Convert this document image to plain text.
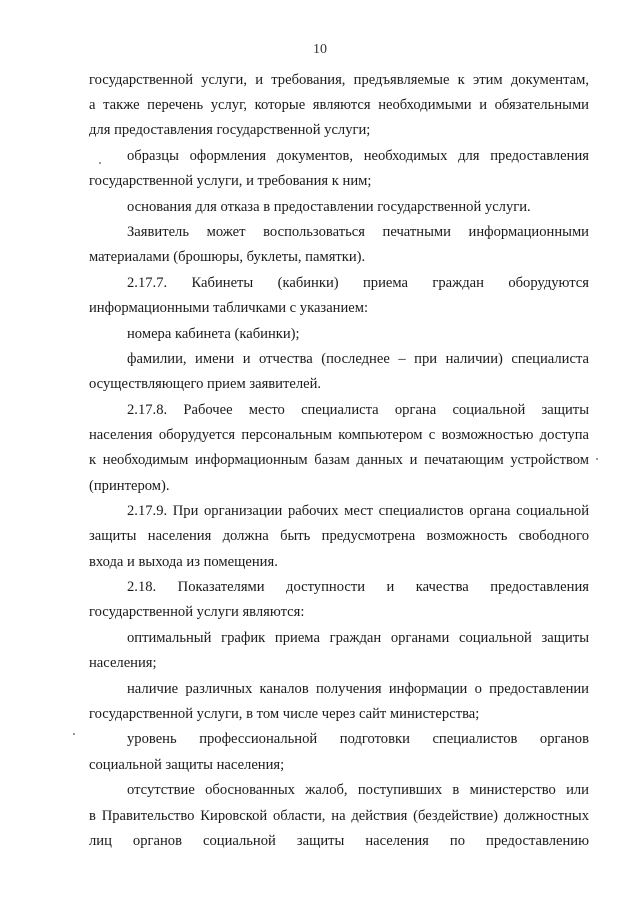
10
государственной услуги, и требования, предъявляемые к этим документам,
а также перечень услуг, которые являются необходимыми и обязательными
для предоставления государственной услуги;
образцы оформления документов, необходимых для предоставления
государственной услуги, и требования к ним;
основания для отказа в предоставлении государственной услуги.
Заявитель может воспользоваться печатными информационными
материалами (брошюры, буклеты, памятки).
2.17.7. Кабинеты (кабинки) приема граждан оборудуются
информационными табличками с указанием:
номера кабинета (кабинки);
фамилии, имени и отчества (последнее – при наличии) специалиста
осуществляющего прием заявителей.
2.17.8. Рабочее место специалиста органа социальной защиты
населения оборудуется персональным компьютером с возможностью доступа
к необходимым информационным базам данных и печатающим устройством
(принтером).
2.17.9. При организации рабочих мест специалистов органа социальной
защиты населения должна быть предусмотрена возможность свободного
входа и выхода из помещения.
2.18. Показателями доступности и качества предоставления
государственной услуги являются:
оптимальный график приема граждан органами социальной защиты
населения;
наличие различных каналов получения информации о предоставлении
государственной услуги, в том числе через сайт министерства;
уровень профессиональной подготовки специалистов органов
социальной защиты населения;
отсутствие обоснованных жалоб, поступивших в министерство или
в Правительство Кировской области, на действия (бездействие) должностных
лиц органов социальной защиты населения по предоставлению
